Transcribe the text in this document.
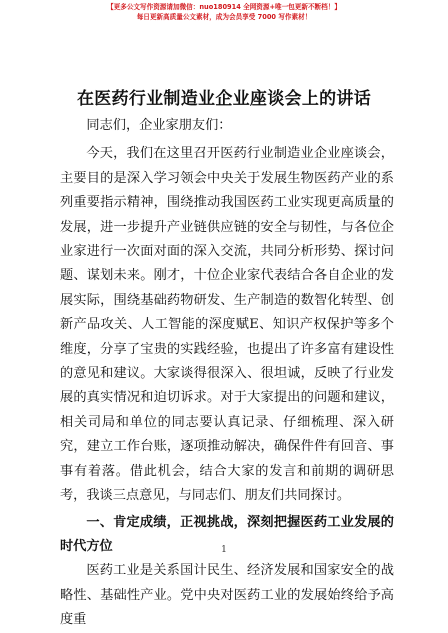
【更多公文写作资源请加微信：nuo180914 全网资源+唯一包更新不断档！】
每日更新高质量公文素材，成为会员享受 7000 写作素材！
在医药行业制造业企业座谈会上的讲话

同志们，企业家朋友们：

今天，我们在这里召开医药行业制造业企业座谈会，主要目的是深入学习领会中央关于发展生物医药产业的系列重要指示精神，围绕推动我国医药工业实现更高质量的发展，进一步提升产业链供应链的安全与韧性，与各位企业家进行一次面对面的深入交流，共同分析形势、探讨问题、谋划未来。刚才，十位企业家代表结合各自企业的发展实际，围绕基础药物研发、生产制造的数智化转型、创新产品攻关、人工智能的深度赋E、知识产权保护等多个维度，分享了宝贵的实践经验，也提出了许多富有建设性的意见和建议。大家谈得很深入、很坦诚，反映了行业发展的真实情况和迫切诉求。对于大家提出的问题和建议，相关司局和单位的同志要认真记录、仔细梳理、深入研究，建立工作台账，逐项推动解决，确保件件有回音、事事有着落。借此机会，结合大家的发言和前期的调研思考，我谈三点意见，与同志们、朋友们共同探讨。

一、肯定成绩，正视挑战，深刻把握医药工业发展的时代方位

医药工业是关系国计民生、经济发展和国家安全的战略性、基础性产业。党中央对医药工业的发展始终给予高度重

1
